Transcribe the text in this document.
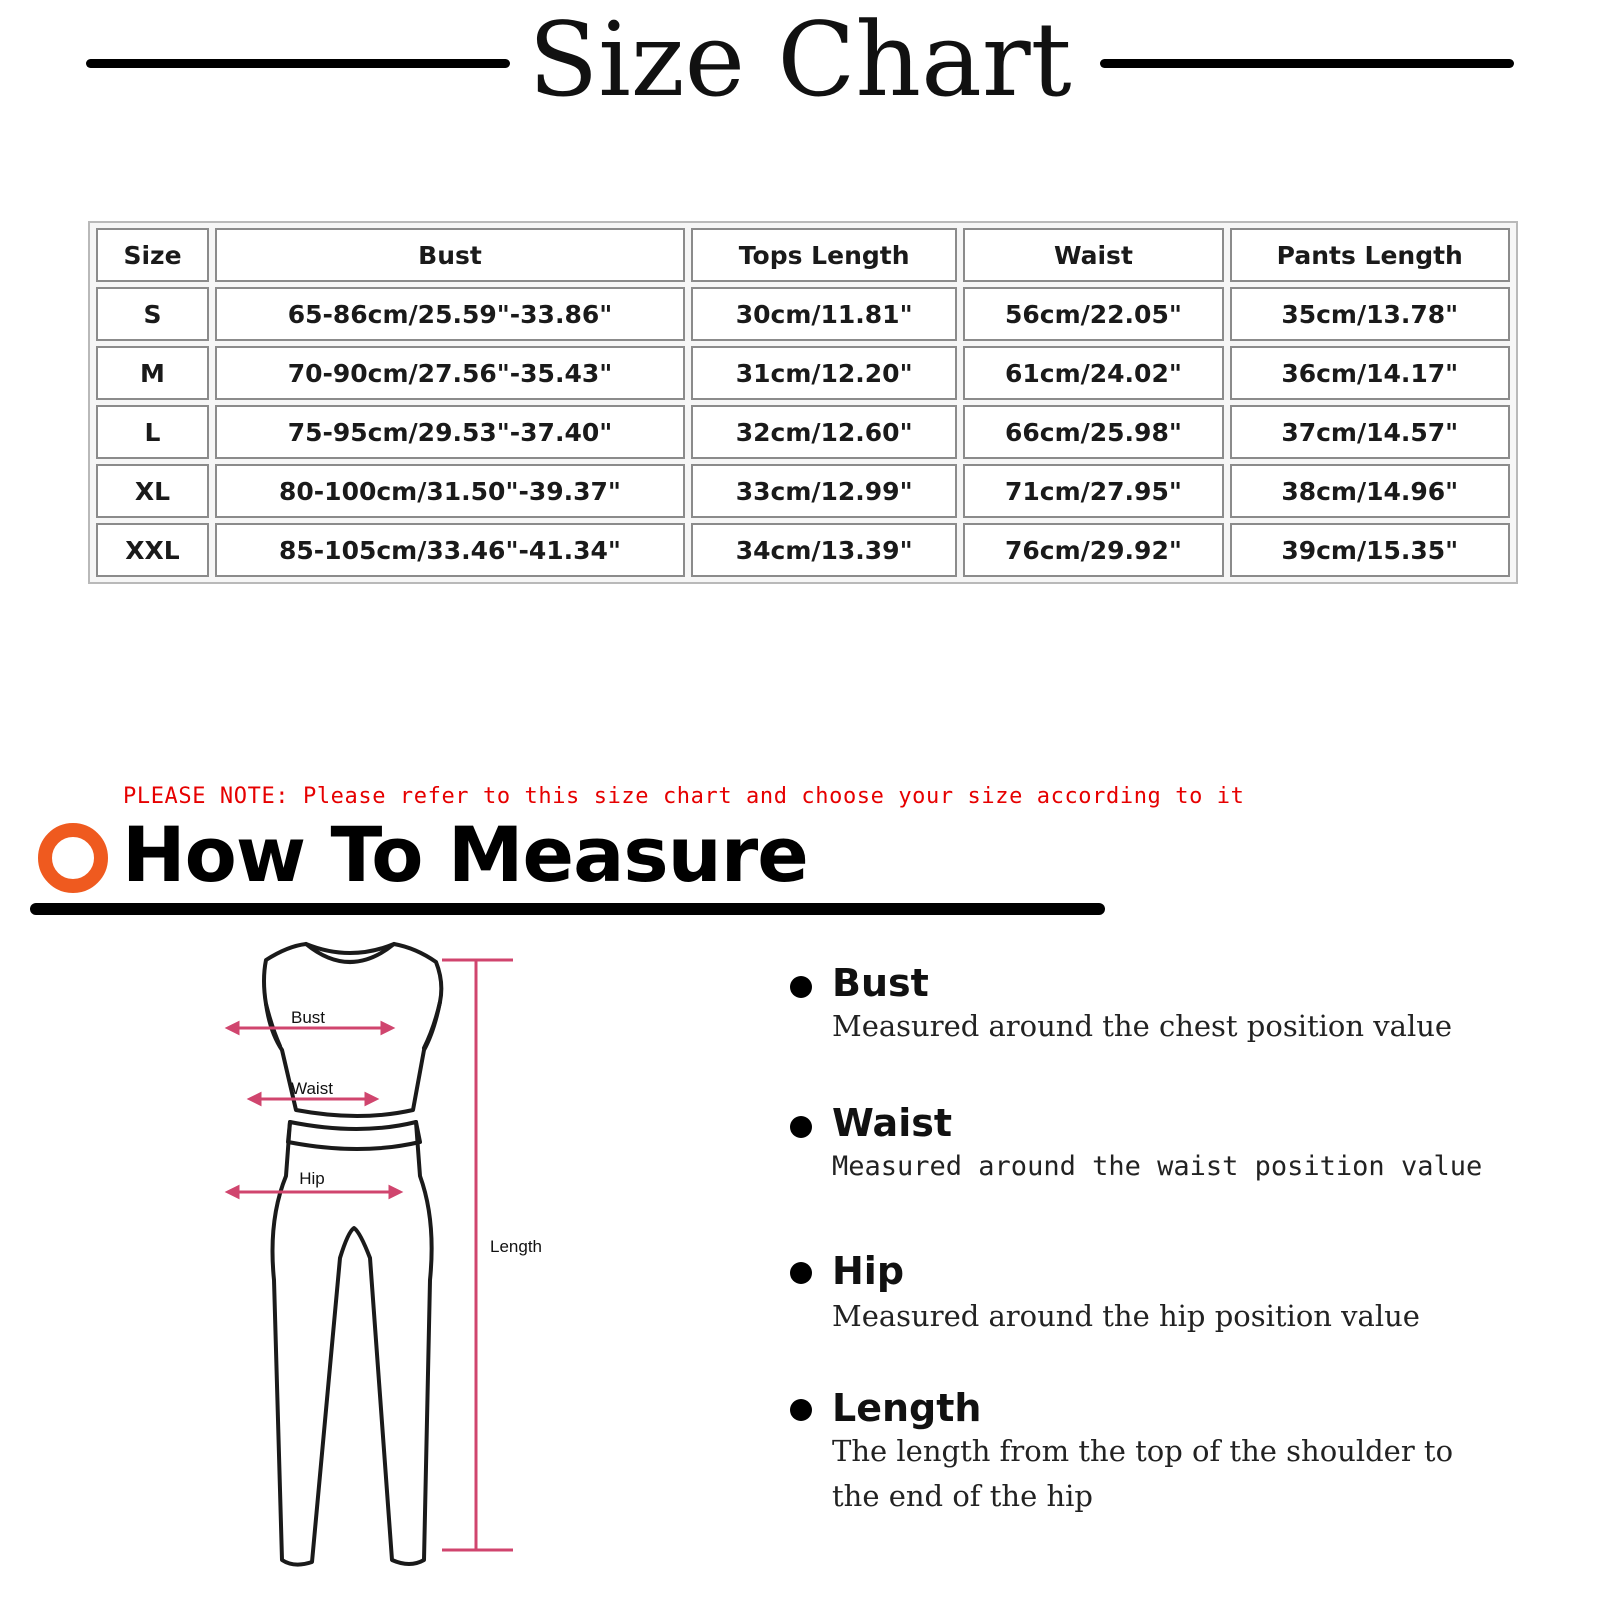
Size Chart
Size	Bust	Tops Length	Waist	Pants Length
S	65-86cm/25.59"-33.86"	30cm/11.81"	56cm/22.05"	35cm/13.78"
M	70-90cm/27.56"-35.43"	31cm/12.20"	61cm/24.02"	36cm/14.17"
L	75-95cm/29.53"-37.40"	32cm/12.60"	66cm/25.98"	37cm/14.57"
XL	80-100cm/31.50"-39.37"	33cm/12.99"	71cm/27.95"	38cm/14.96"
XXL	85-105cm/33.46"-41.34"	34cm/13.39"	76cm/29.92"	39cm/15.35"
PLEASE NOTE: Please refer to this size chart and choose your size according to it
How To Measure
Bust
Waist
Hip
Length
Bust
Measured around the chest position value
Waist
Measured around the waist position value
Hip
Measured around the hip position value
Length
The length from the top of the shoulder to
the end of the hip
